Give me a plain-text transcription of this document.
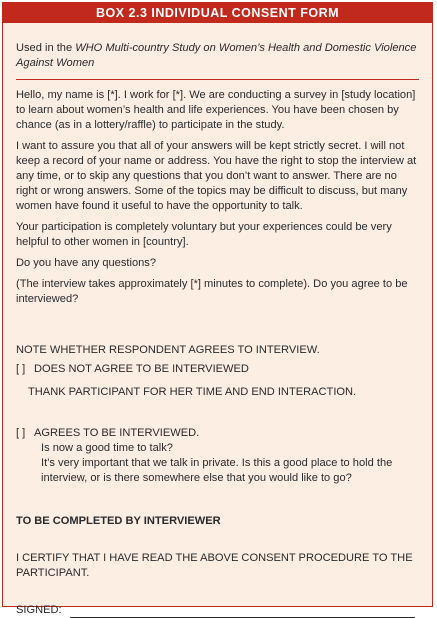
BOX 2.3 INDIVIDUAL CONSENT FORM

Used in the WHO Multi-country Study on Women’s Health and Domestic Violence Against Women

Hello, my name is [*]. I work for [*]. We are conducting a survey in [study location] to learn about women’s health and life experiences. You have been chosen by chance (as in a lottery/raffle) to participate in the study.

I want to assure you that all of your answers will be kept strictly secret. I will not keep a record of your name or address. You have the right to stop the interview at any time, or to skip any questions that you don’t want to answer. There are no right or wrong answers. Some of the topics may be difficult to discuss, but many women have found it useful to have the opportunity to talk.

Your participation is completely voluntary but your experiences could be very helpful to other women in [country].

Do you have any questions?

(The interview takes approximately [*] minutes to complete). Do you agree to be interviewed?

NOTE WHETHER RESPONDENT AGREES TO INTERVIEW.

[ ] DOES NOT AGREE TO BE INTERVIEWED

THANK PARTICIPANT FOR HER TIME AND END INTERACTION.

[ ] AGREES TO BE INTERVIEWED.

Is now a good time to talk?

It’s very important that we talk in private. Is this a good place to hold the interview, or is there somewhere else that you would like to go?

TO BE COMPLETED BY INTERVIEWER

I CERTIFY THAT I HAVE READ THE ABOVE CONSENT PROCEDURE TO THE PARTICIPANT.

SIGNED:
